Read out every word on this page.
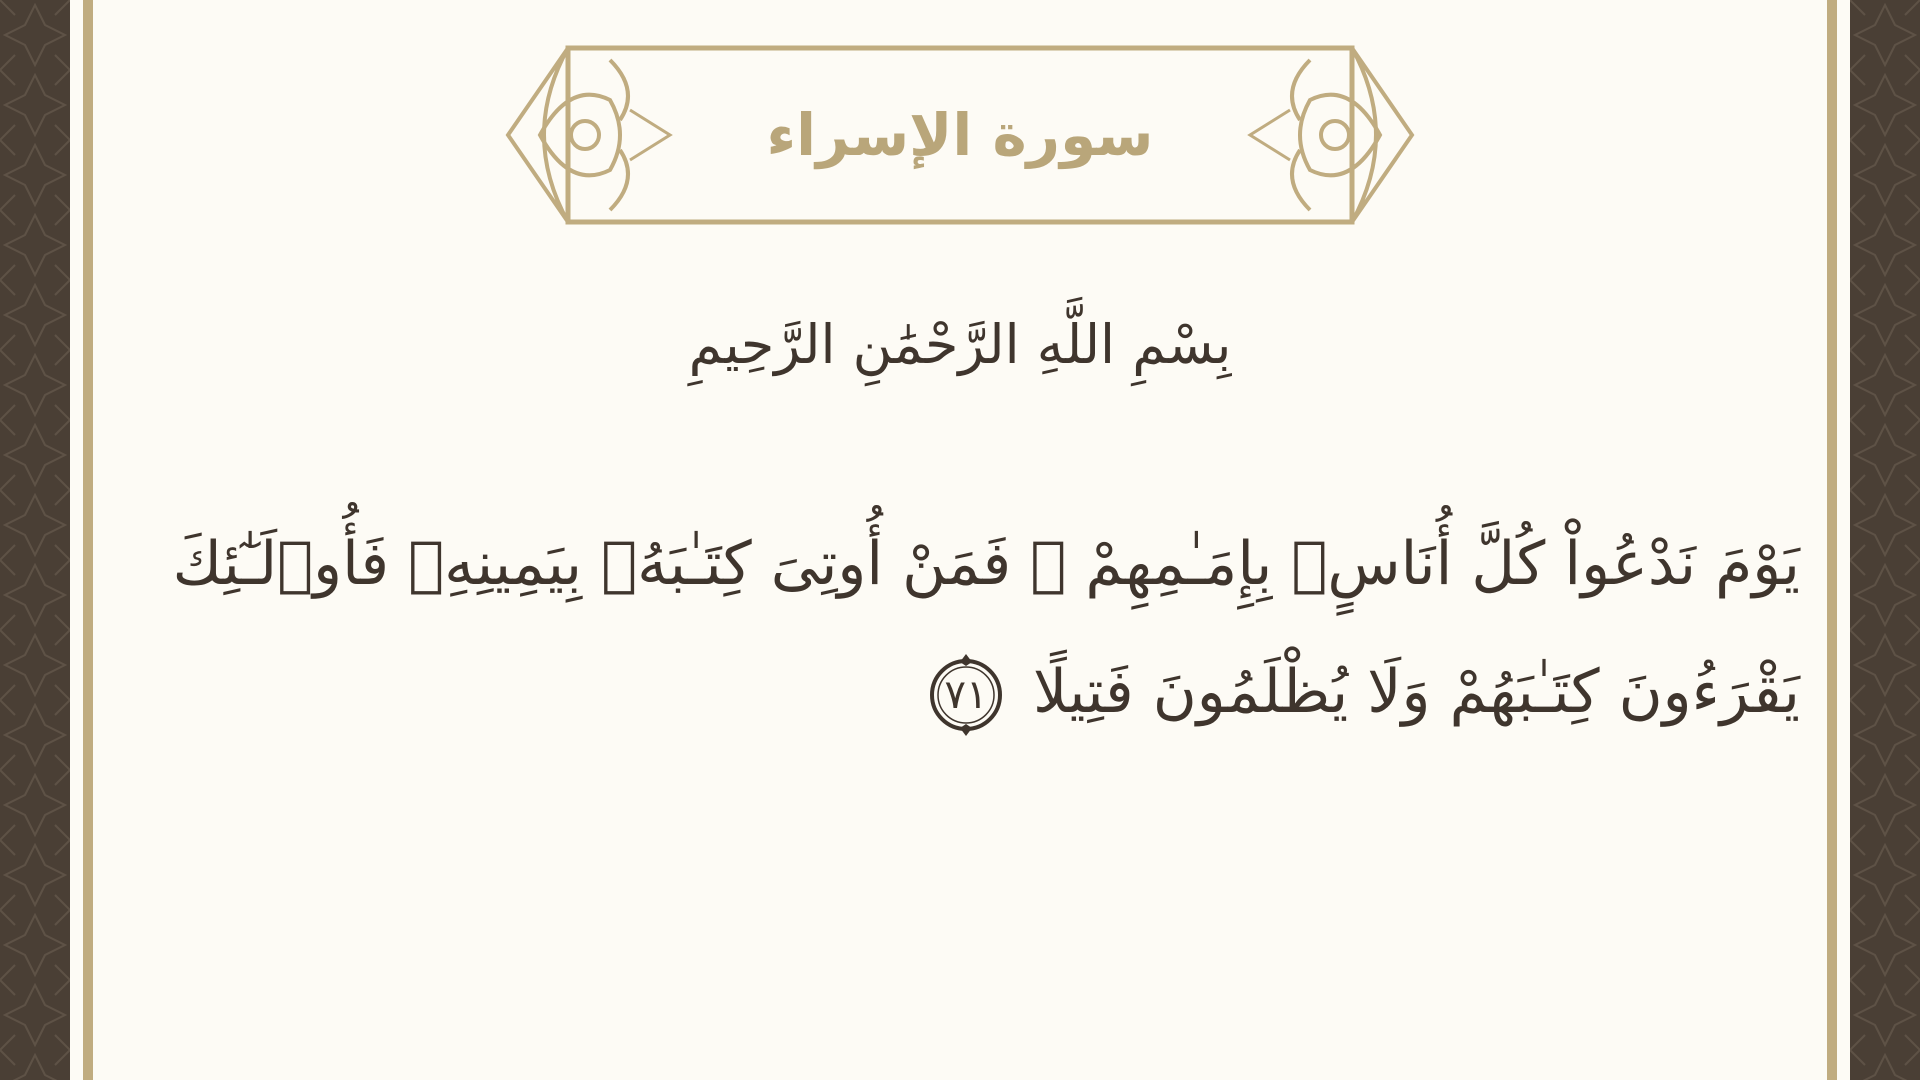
سورة الإسراء
بِسْمِ اللَّهِ الرَّحْمَٰنِ الرَّحِيمِ
يَوْمَ نَدْعُواْ كُلَّ أُنَاسٍۭ بِإِمَـٰمِهِمْ ۖ فَمَنْ أُوتِىَ كِتَـٰبَهُۥ بِيَمِينِهِۦ فَأُو۟لَـٰٓئِكَ
يَقْرَءُونَ كِتَـٰبَهُمْ وَلَا يُظْلَمُونَ فَتِيلًا
٧١
